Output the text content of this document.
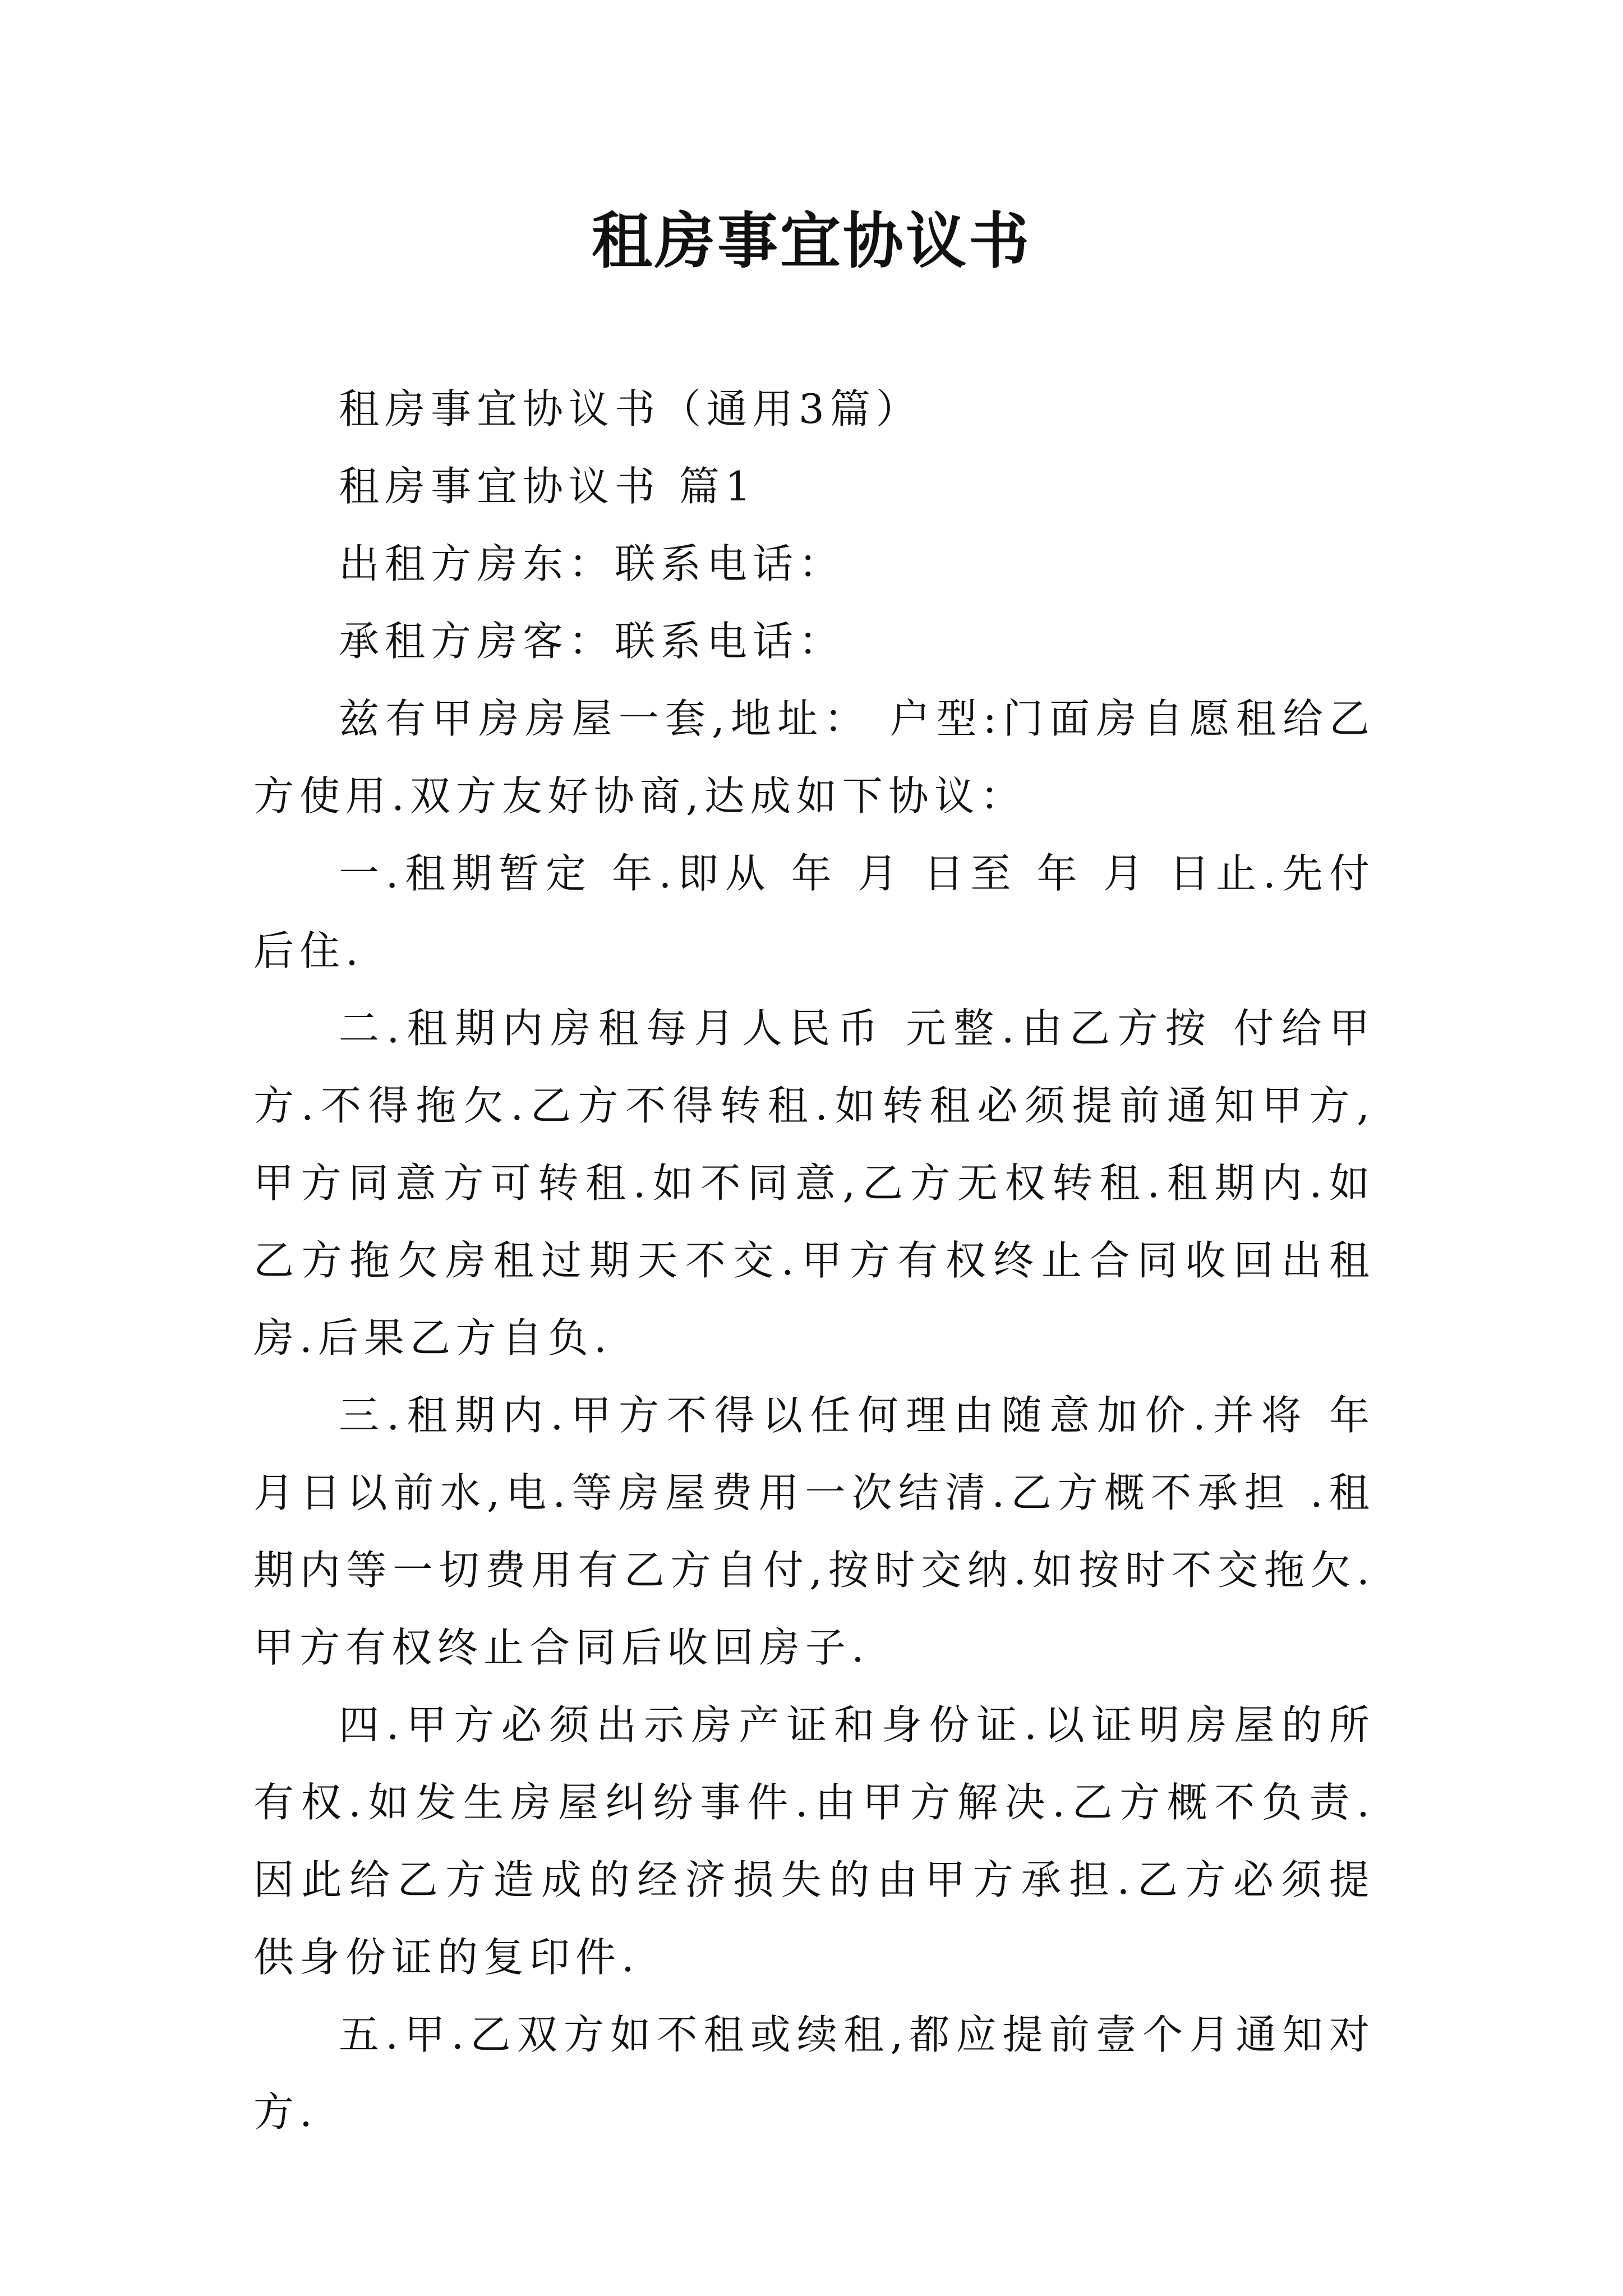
租房事宜协议书

租房事宜协议书（通用3篇）

租房事宜协议书 篇1

出租方房东：联系电话：

承租方房客：联系电话：

兹有甲房房屋一套,地址： 户型:门面房自愿租给乙方使用.双方友好协商,达成如下协议：

一.租期暂定 年.即从 年 月 日至 年 月 日止.先付后住.

二.租期内房租每月人民币 元整.由乙方按 付给甲方.不得拖欠.乙方不得转租.如转租必须提前通知甲方,甲方同意方可转租.如不同意,乙方无权转租.租期内.如乙方拖欠房租过期天不交.甲方有权终止合同收回出租房.后果乙方自负.

三.租期内.甲方不得以任何理由随意加价.并将 年 月日以前水,电.等房屋费用一次结清.乙方概不承担 .租期内等一切费用有乙方自付,按时交纳.如按时不交拖欠.甲方有权终止合同后收回房子.

四.甲方必须出示房产证和身份证.以证明房屋的所有权.如发生房屋纠纷事件.由甲方解决.乙方概不负责.因此给乙方造成的经济损失的由甲方承担.乙方必须提供身份证的复印件.

五.甲.乙双方如不租或续租,都应提前壹个月通知对方.
